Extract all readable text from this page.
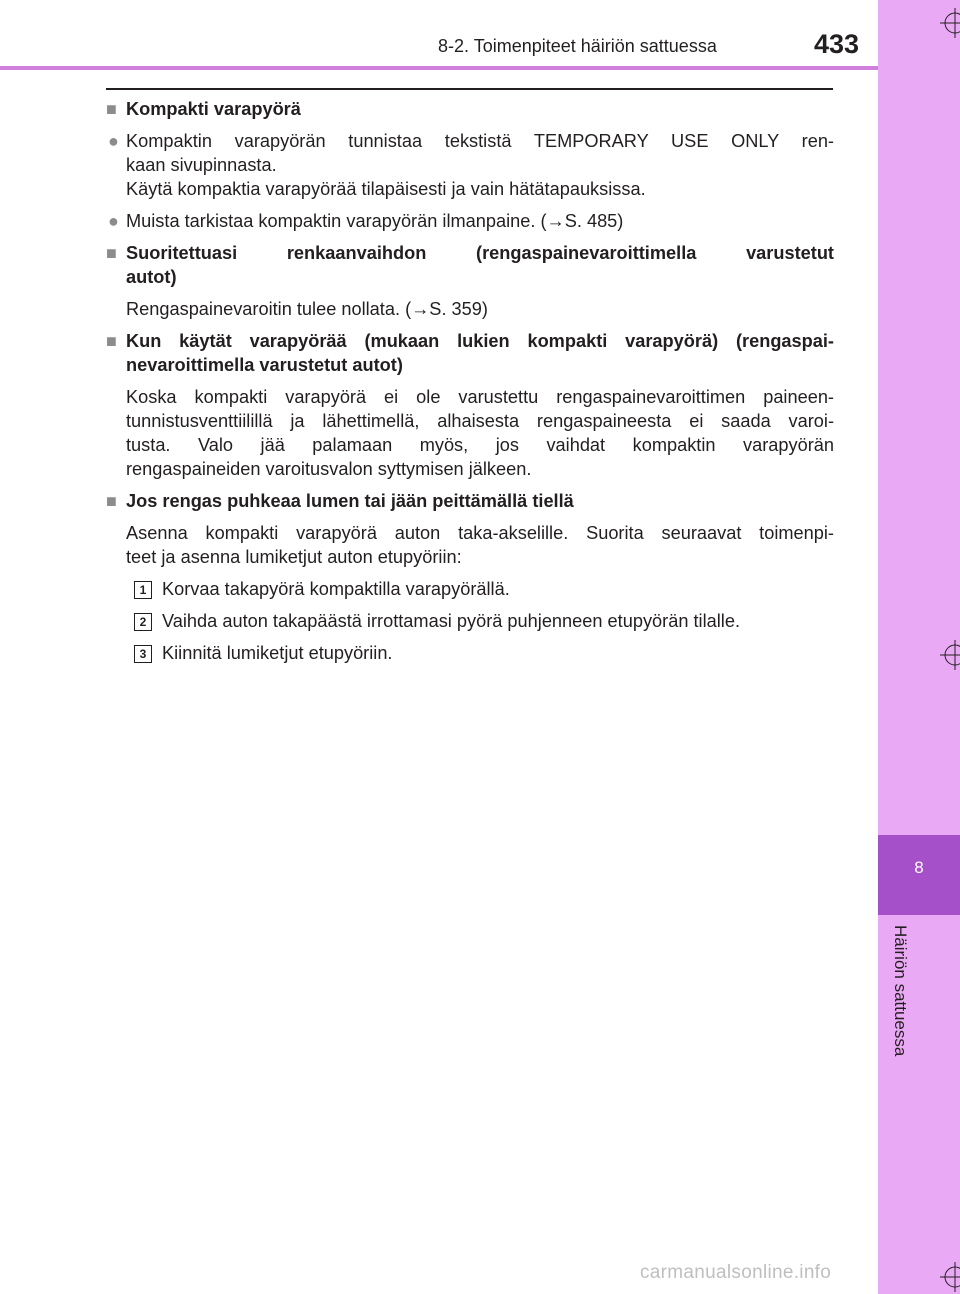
8-2. Toimenpiteet häiriön sattuessa	433
8
Häiriön sattuessa
■ Kompakti varapyörä
● Kompaktin varapyörän tunnistaa tekstistä TEMPORARY USE ONLY ren-
kaan sivupinnasta.
Käytä kompaktia varapyörää tilapäisesti ja vain hätätapauksissa.
● Muista tarkistaa kompaktin varapyörän ilmanpaine. (→S. 485)
■ Suoritettuasi renkaanvaihdon (rengaspainevaroittimella varustetut
autot)
Rengaspainevaroitin tulee nollata. (→S. 359)
■ Kun käytät varapyörää (mukaan lukien kompakti varapyörä) (rengaspai-
nevaroittimella varustetut autot)
Koska kompakti varapyörä ei ole varustettu rengaspainevaroittimen paineen-
tunnistusventtiilillä ja lähettimellä, alhaisesta rengaspaineesta ei saada varoi-
tusta. Valo jää palamaan myös, jos vaihdat kompaktin varapyörän
rengaspaineiden varoitusvalon syttymisen jälkeen.
■ Jos rengas puhkeaa lumen tai jään peittämällä tiellä
Asenna kompakti varapyörä auton taka-akselille. Suorita seuraavat toimenpi-
teet ja asenna lumiketjut auton etupyöriin:
1 Korvaa takapyörä kompaktilla varapyörällä.
2 Vaihda auton takapäästä irrottamasi pyörä puhjenneen etupyörän tilalle.
3 Kiinnitä lumiketjut etupyöriin.
carmanualsonline.info
